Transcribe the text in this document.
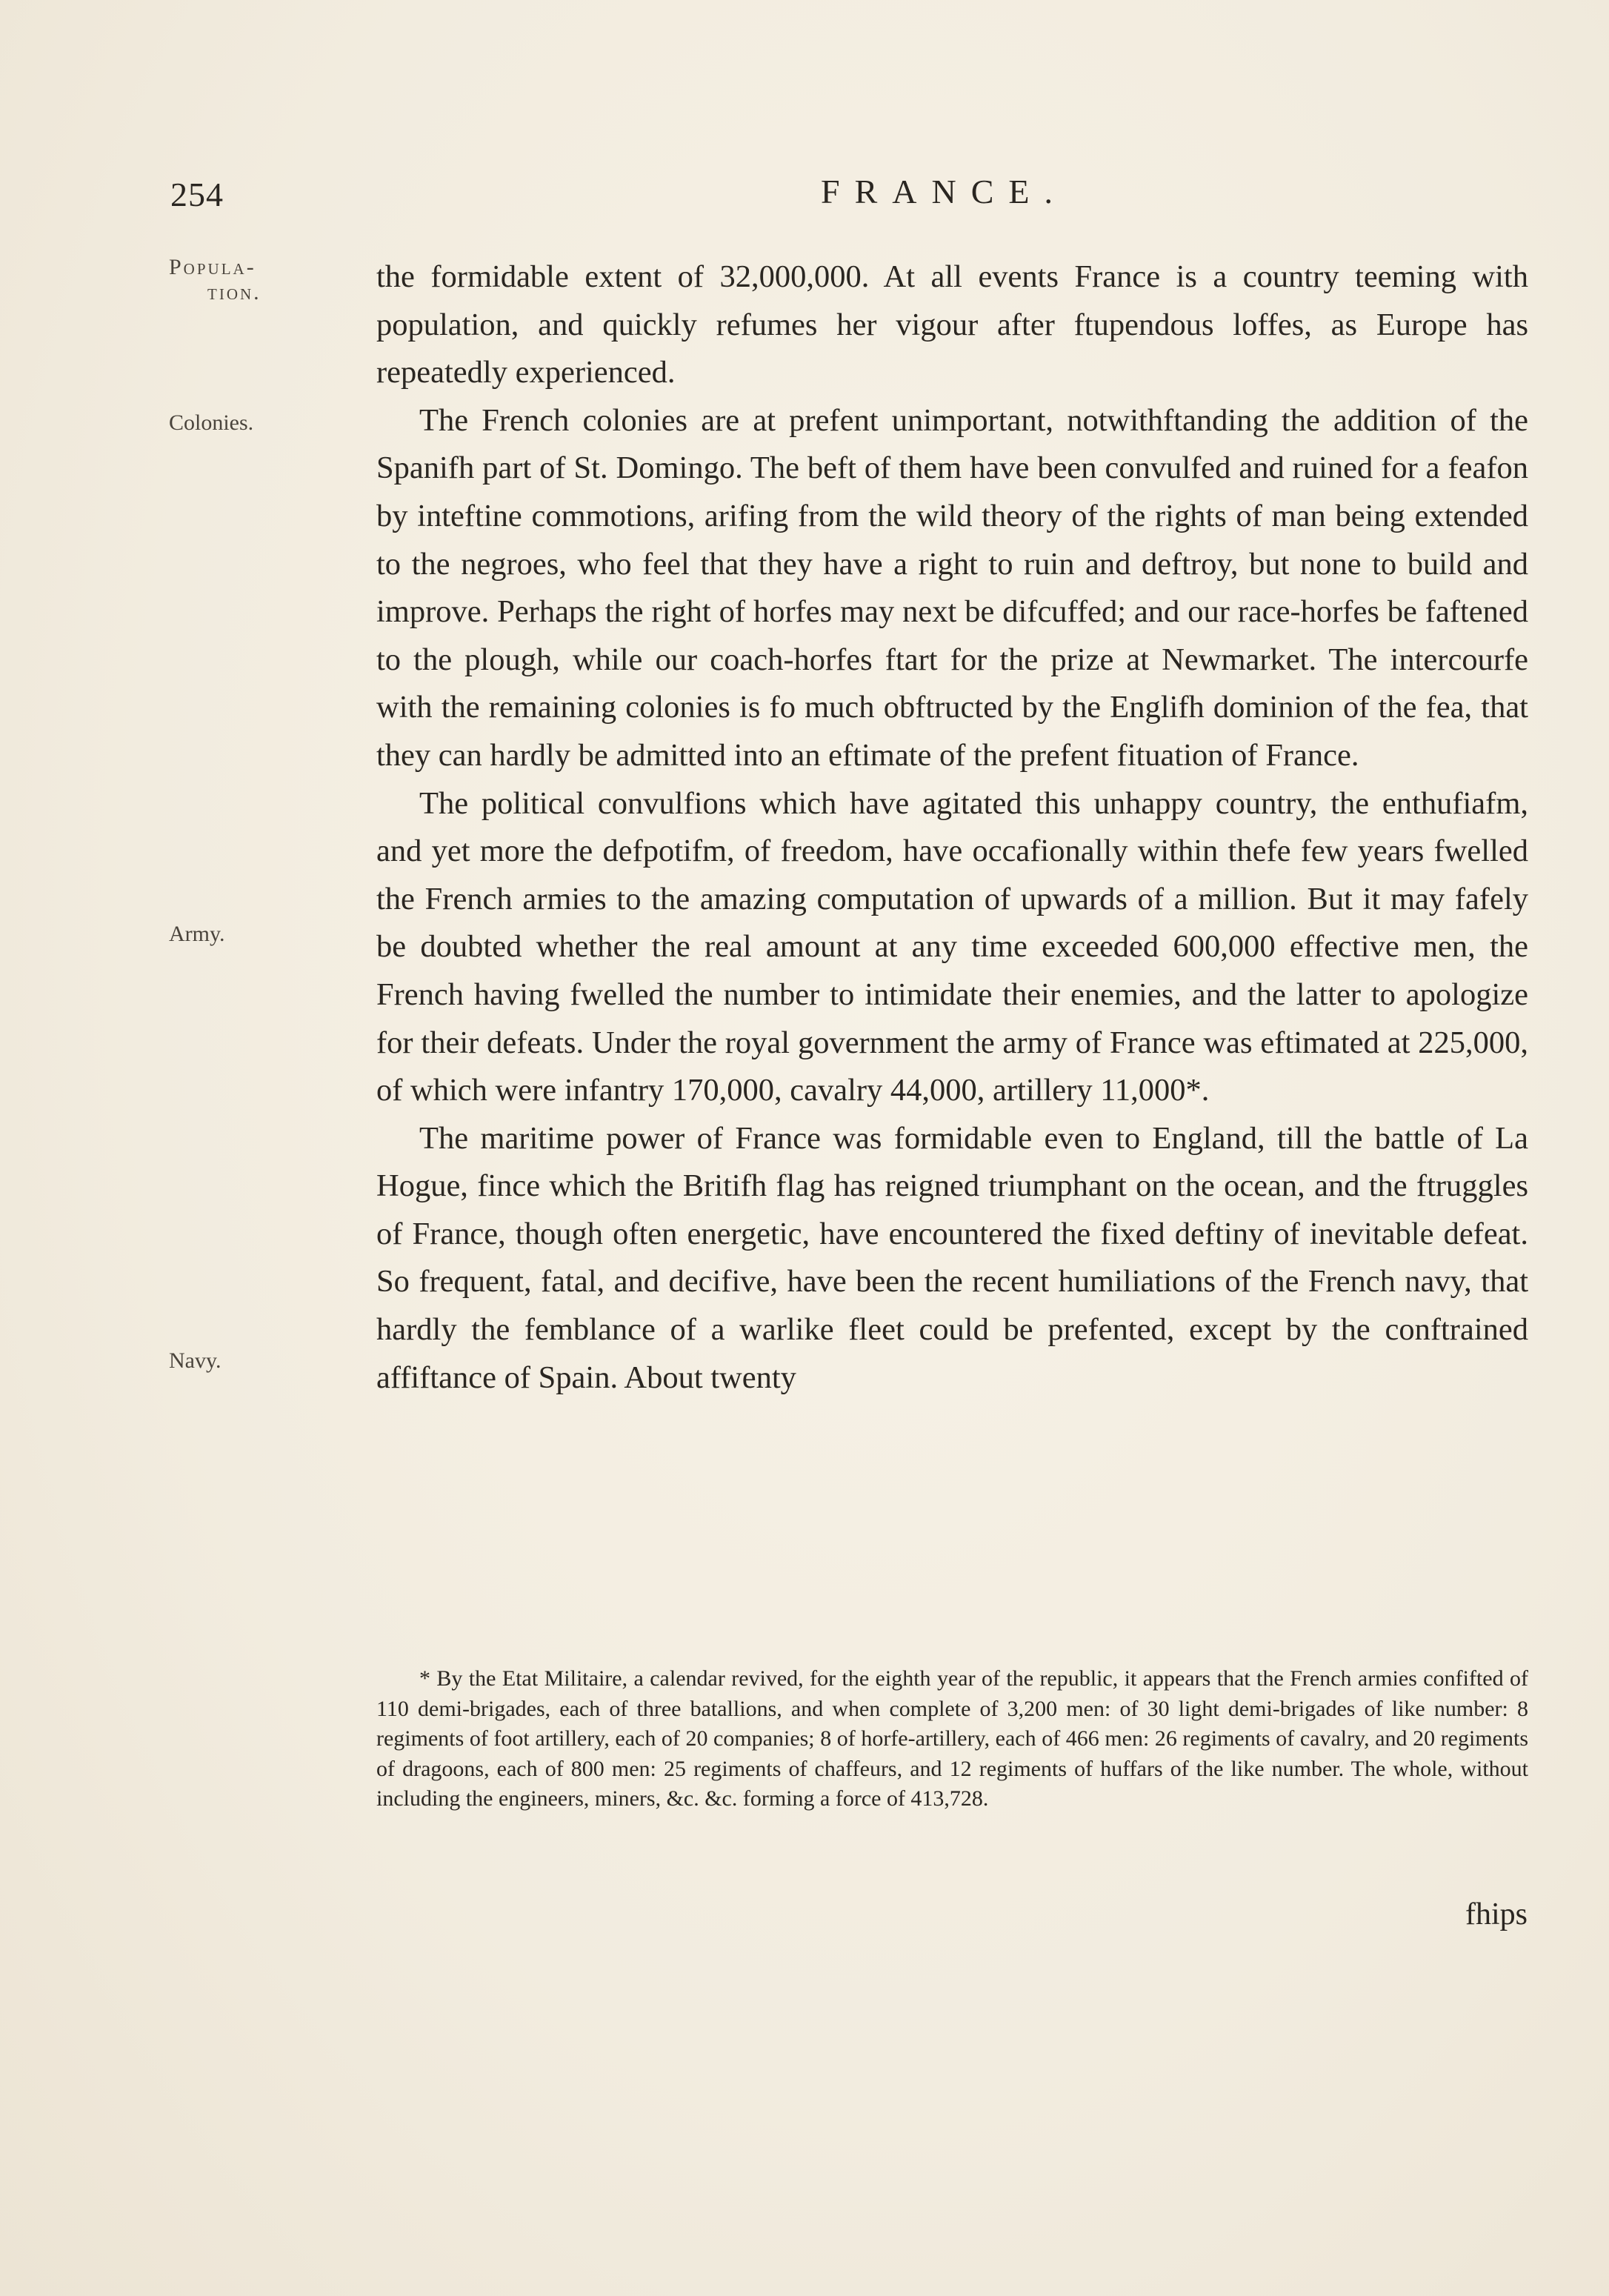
254	FRANCE.
Popula-
tion.
Colonies.
Army.
Navy.

the formidable extent of 32,000,000. At all events France is a country teeming with population, and quickly refumes her vigour after ftupendous loffes, as Europe has repeatedly experienced.

The French colonies are at prefent unimportant, notwithftanding the addition of the Spanifh part of St. Domingo. The beft of them have been convulfed and ruined for a feafon by inteftine commotions, arifing from the wild theory of the rights of man being extended to the negroes, who feel that they have a right to ruin and deftroy, but none to build and improve. Perhaps the right of horfes may next be difcuffed; and our race-horfes be faftened to the plough, while our coach-horfes ftart for the prize at Newmarket. The intercourfe with the remaining colonies is fo much obftructed by the Englifh dominion of the fea, that they can hardly be admitted into an eftimate of the prefent fituation of France.

The political convulfions which have agitated this unhappy country, the enthufiafm, and yet more the defpotifm, of freedom, have occafionally within thefe few years fwelled the French armies to the amazing computation of upwards of a million. But it may fafely be doubted whether the real amount at any time exceeded 600,000 effective men, the French having fwelled the number to intimidate their enemies, and the latter to apologize for their defeats. Under the royal government the army of France was eftimated at 225,000, of which were infantry 170,000, cavalry 44,000, artillery 11,000*.

The maritime power of France was formidable even to England, till the battle of La Hogue, fince which the Britifh flag has reigned triumphant on the ocean, and the ftruggles of France, though often energetic, have encountered the fixed deftiny of inevitable defeat. So frequent, fatal, and decifive, have been the recent humiliations of the French navy, that hardly the femblance of a warlike fleet could be prefented, except by the conftrained affiftance of Spain. About twenty

* By the Etat Militaire, a calendar revived, for the eighth year of the republic, it appears that the French armies confifted of 110 demi-brigades, each of three batallions, and when complete of 3,200 men: of 30 light demi-brigades of like number: 8 regiments of foot artillery, each of 20 companies; 8 of horfe-artillery, each of 466 men: 26 regiments of cavalry, and 20 regiments of dragoons, each of 800 men: 25 regiments of chaffeurs, and 12 regiments of huffars of the like number. The whole, without including the engineers, miners, &c. &c. forming a force of 413,728.

fhips
